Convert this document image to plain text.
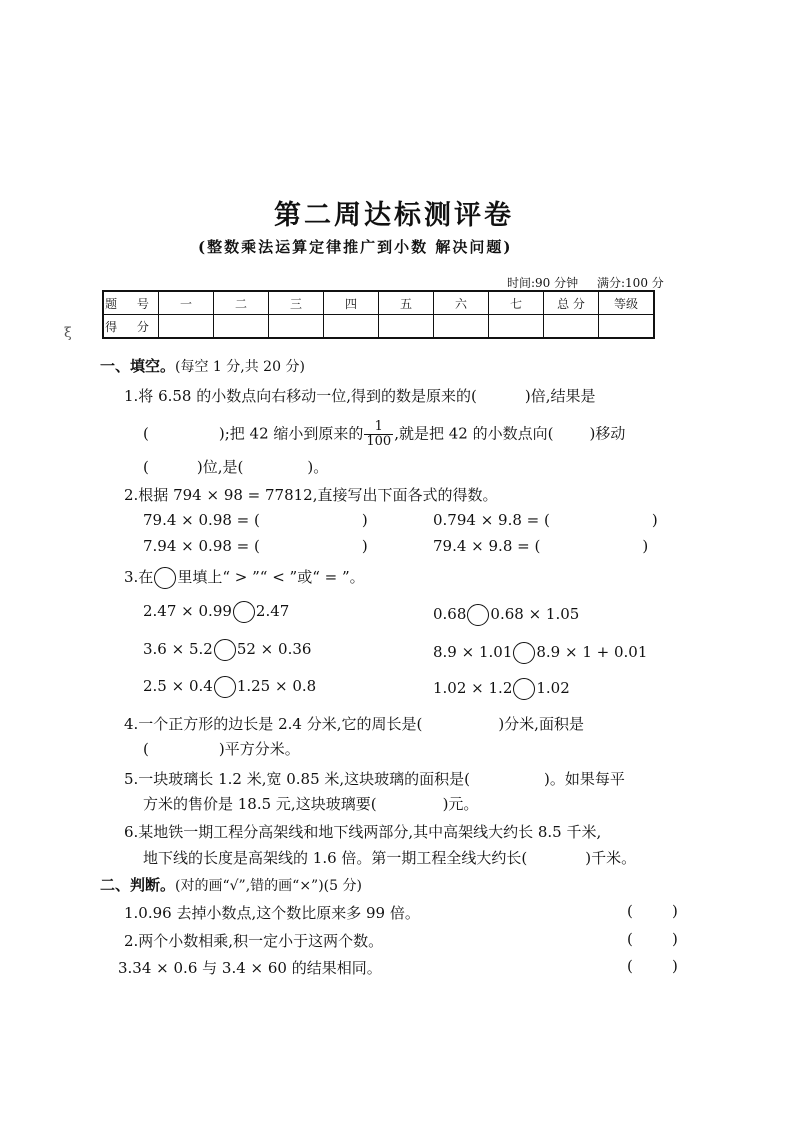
第二周达标测评卷
(整数乘法运算定律推广到小数 解决问题)
时间:90 分钟 满分:100 分
题 号	一	二	三	四	五	六	七	总 分	等级
得 分									
ξ
一、填空。(每空 1 分,共 20 分)
1.将 6.58 的小数点向右移动一位,得到的数是原来的(	)倍,结果是
(	);把 42 缩小到原来的 $\frac{1}{100}$ ,就是把 42 的小数点向( )移动
(	)位,是(	)。
2.根据 794 × 98 = 77812,直接写出下面各式的得数。
79.4 × 0.98 = (	)	0.794 × 9.8 = (	)
7.94 × 0.98 = (	)	79.4 × 9.8 = (	)
3.在 里填上“ > ”“ < ”或“ = ”。
2.47 × 0.99 2.47	0.68 0.68 × 1.05
3.6 × 5.2 52 × 0.36	8.9 × 1.01 8.9 × 1 + 0.01
2.5 × 0.4 1.25 × 0.8	1.02 × 1.2 1.02
4.一个正方形的边长是 2.4 分米,它的周长是(	)分米,面积是
(	)平方分米。
5.一块玻璃长 1.2 米,宽 0.85 米,这块玻璃的面积是(	)。如果每平
方米的售价是 18.5 元,这块玻璃要(	)元。
6.某地铁一期工程分高架线和地下线两部分,其中高架线大约长 8.5 千米,
地下线的长度是高架线的 1.6 倍。第一期工程全线大约长(	)千米。
二、判断。(对的画“√”,错的画“×”)(5 分)
1.0.96 去掉小数点,这个数比原来多 99 倍。	(	)
2.两个小数相乘,积一定小于这两个数。	(	)
3.34 × 0.6 与 3.4 × 60 的结果相同。	(	)
